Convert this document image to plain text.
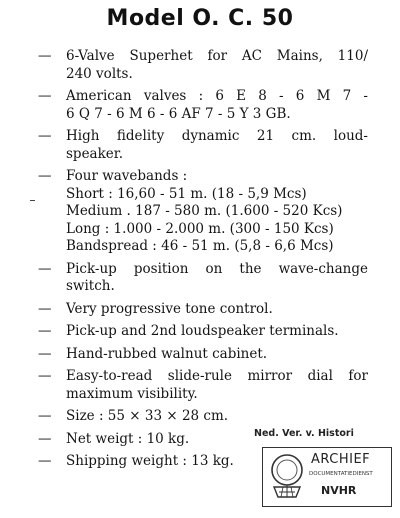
Model O. C. 50
— 6-Valve Superhet for AC Mains, 110/
240 volts.
— American valves : 6 E 8 - 6 M 7 -
6 Q 7 - 6 M 6 - 6 AF 7 - 5 Y 3 GB.
— High fidelity dynamic 21 cm. loud-
speaker.
— Four wavebands :
Short : 16,60 - 51 m. (18 - 5,9 Mcs)
Medium . 187 - 580 m. (1.600 - 520 Kcs)
Long : 1.000 - 2.000 m. (300 - 150 Kcs)
Bandspread : 46 - 51 m. (5,8 - 6,6 Mcs)
— Pick-up position on the wave-change
switch.
— Very progressive tone control.
— Pick-up and 2nd loudspeaker terminals.
— Hand-rubbed walnut cabinet.
— Easy-to-read slide-rule mirror dial for
maximum visibility.
— Size : 55 × 33 × 28 cm.
— Net weigt : 10 kg.
— Shipping weight : 13 kg.
Ned. Ver. v. Histori
ARCHIEF
DOCUMENTATIEDIENST
NVHR
